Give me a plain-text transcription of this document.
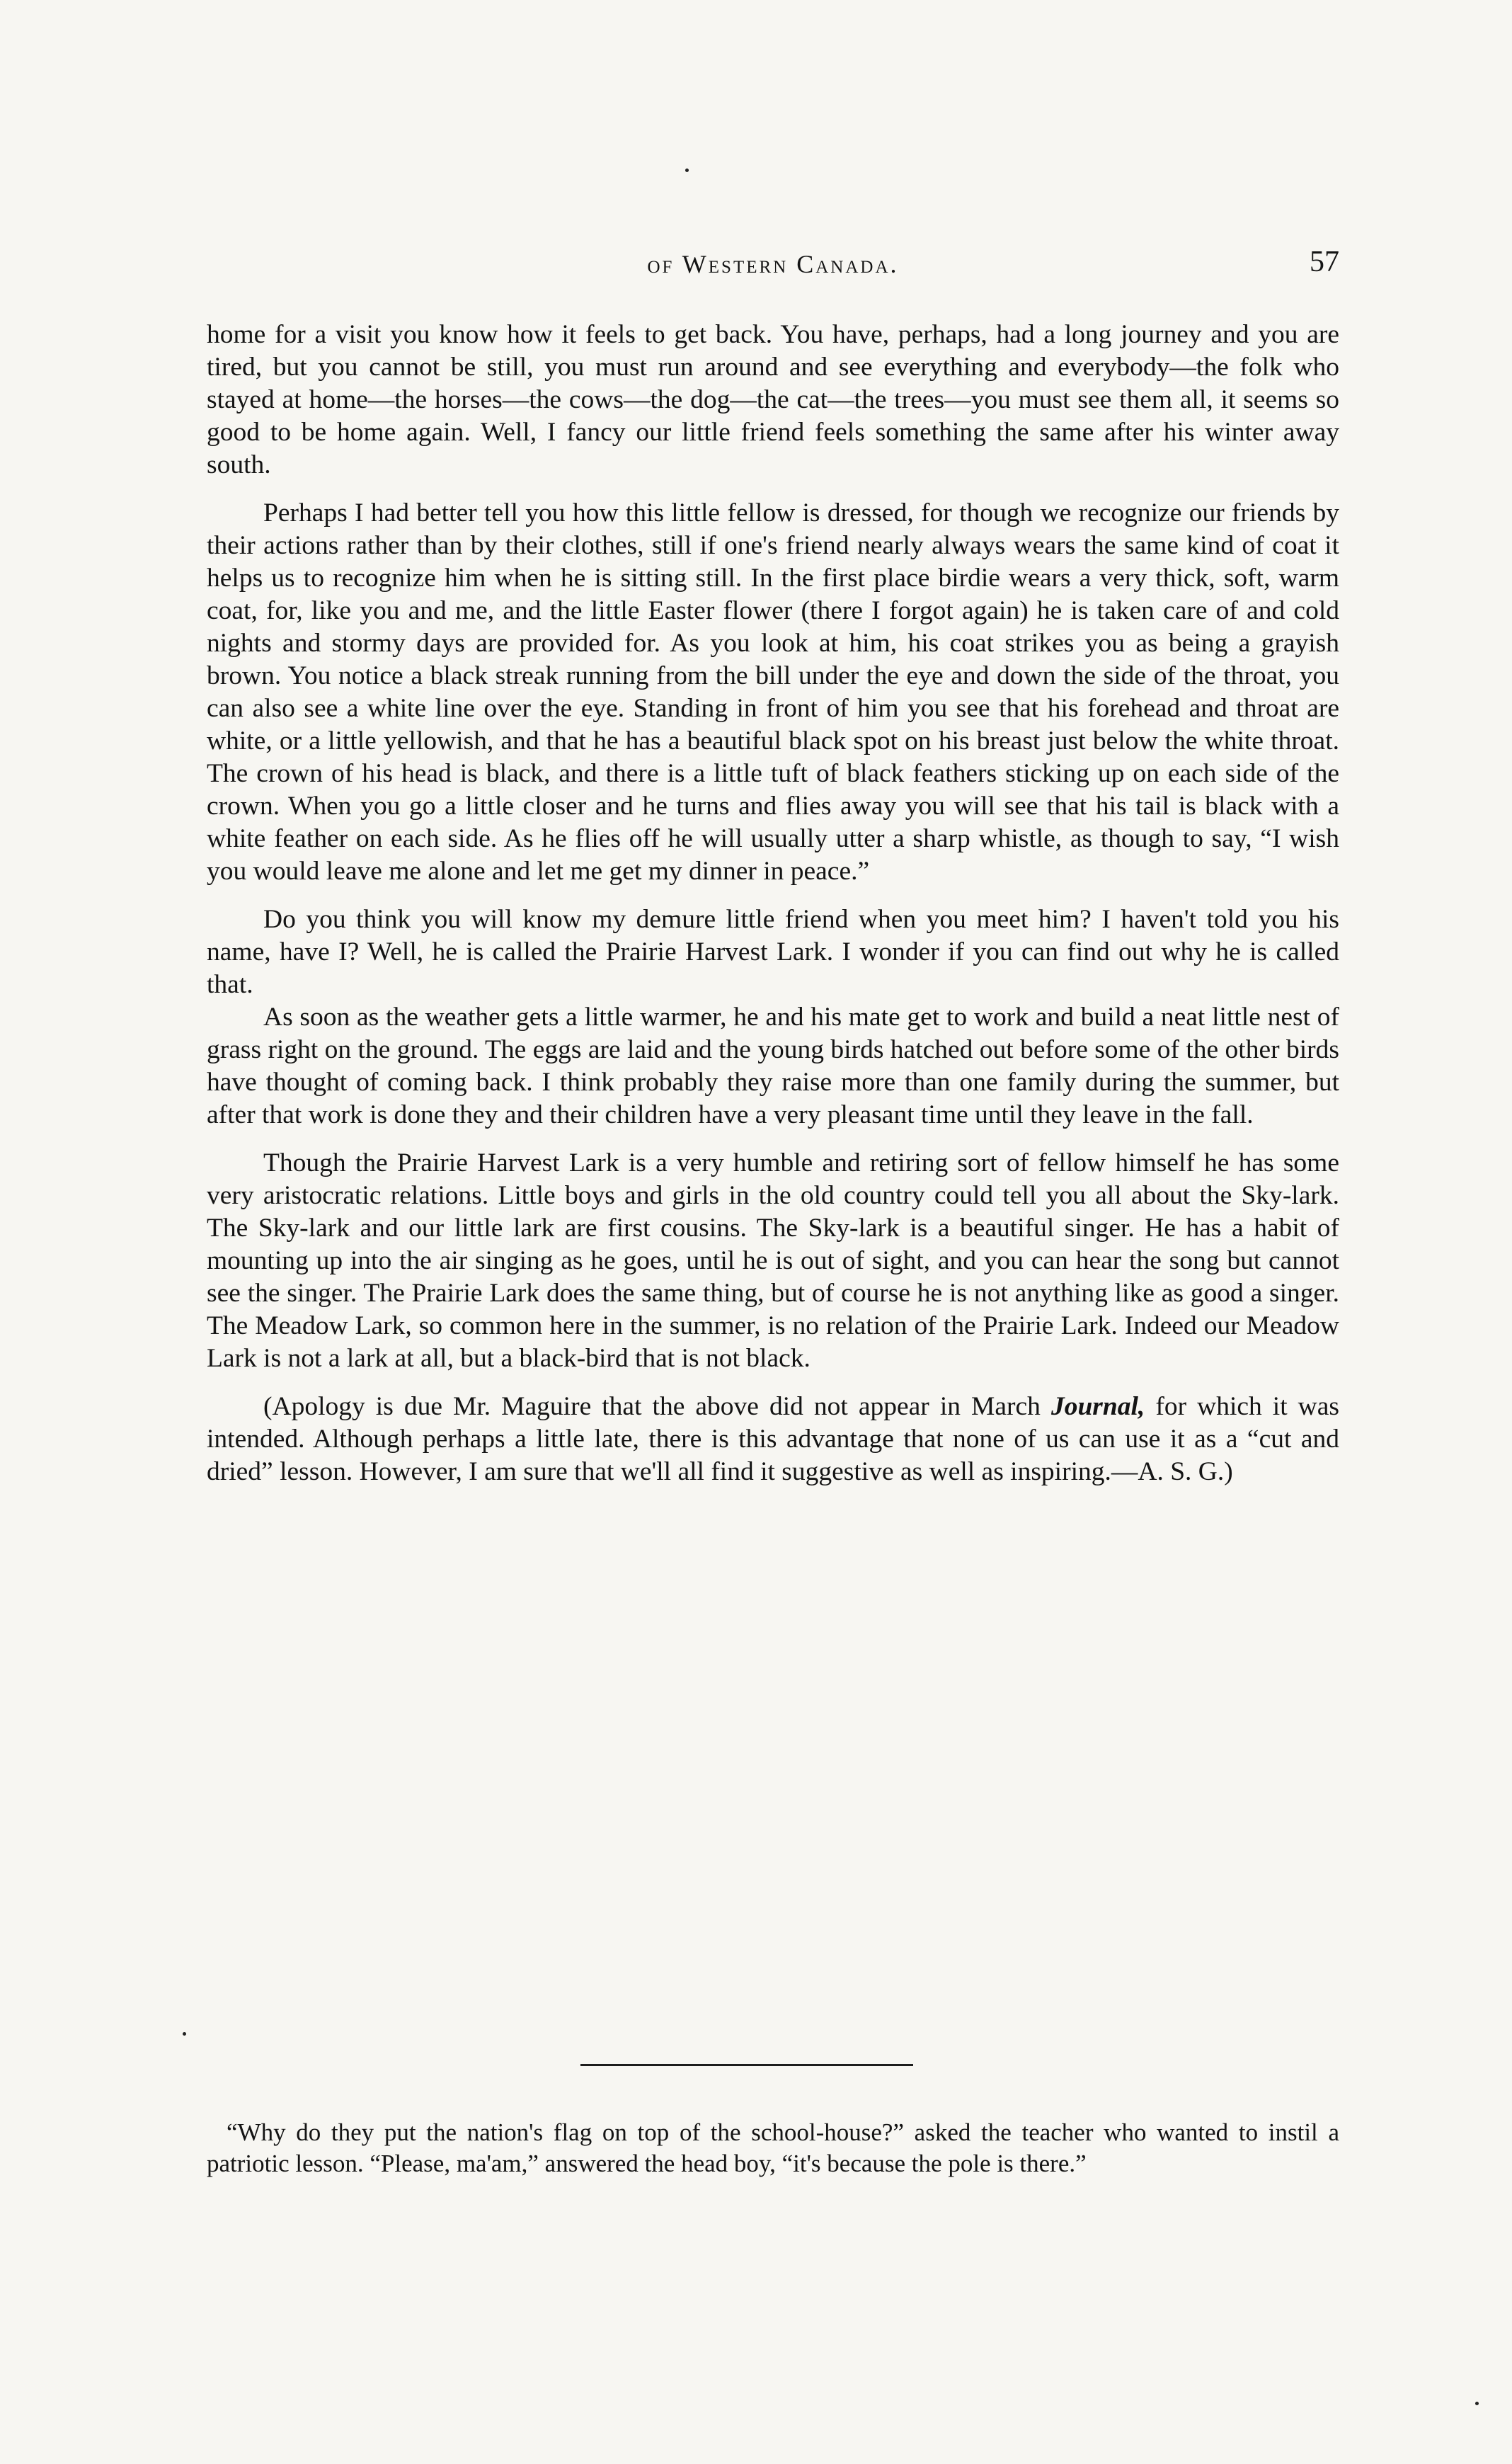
of Western Canada.	57

home for a visit you know how it feels to get back. You have, perhaps, had a long journey and you are tired, but you cannot be still, you must run around and see everything and everybody—the folk who stayed at home—the horses—the cows—the dog—the cat—the trees—you must see them all, it seems so good to be home again. Well, I fancy our little friend feels something the same after his winter away south.

Perhaps I had better tell you how this little fellow is dressed, for though we recognize our friends by their actions rather than by their clothes, still if one's friend nearly always wears the same kind of coat it helps us to recognize him when he is sitting still. In the first place birdie wears a very thick, soft, warm coat, for, like you and me, and the little Easter flower (there I forgot again) he is taken care of and cold nights and stormy days are provided for. As you look at him, his coat strikes you as being a grayish brown. You notice a black streak running from the bill under the eye and down the side of the throat, you can also see a white line over the eye. Standing in front of him you see that his forehead and throat are white, or a little yellowish, and that he has a beautiful black spot on his breast just below the white throat. The crown of his head is black, and there is a little tuft of black feathers sticking up on each side of the crown. When you go a little closer and he turns and flies away you will see that his tail is black with a white feather on each side. As he flies off he will usually utter a sharp whistle, as though to say, “I wish you would leave me alone and let me get my dinner in peace.”

Do you think you will know my demure little friend when you meet him? I haven't told you his name, have I? Well, he is called the Prairie Harvest Lark. I wonder if you can find out why he is called that.

As soon as the weather gets a little warmer, he and his mate get to work and build a neat little nest of grass right on the ground. The eggs are laid and the young birds hatched out before some of the other birds have thought of coming back. I think probably they raise more than one family during the summer, but after that work is done they and their children have a very pleasant time until they leave in the fall.

Though the Prairie Harvest Lark is a very humble and retiring sort of fellow himself he has some very aristocratic relations. Little boys and girls in the old country could tell you all about the Sky-lark. The Sky-lark and our little lark are first cousins. The Sky-lark is a beautiful singer. He has a habit of mounting up into the air singing as he goes, until he is out of sight, and you can hear the song but cannot see the singer. The Prairie Lark does the same thing, but of course he is not anything like as good a singer. The Meadow Lark, so common here in the summer, is no relation of the Prairie Lark. Indeed our Meadow Lark is not a lark at all, but a black-bird that is not black.

(Apology is due Mr. Maguire that the above did not appear in March Journal, for which it was intended. Although perhaps a little late, there is this advantage that none of us can use it as a “cut and dried” lesson. However, I am sure that we'll all find it suggestive as well as inspiring.—A. S. G.)

“Why do they put the nation's flag on top of the school-house?” asked the teacher who wanted to instil a patriotic lesson. “Please, ma'am,” answered the head boy, “it's because the pole is there.”
